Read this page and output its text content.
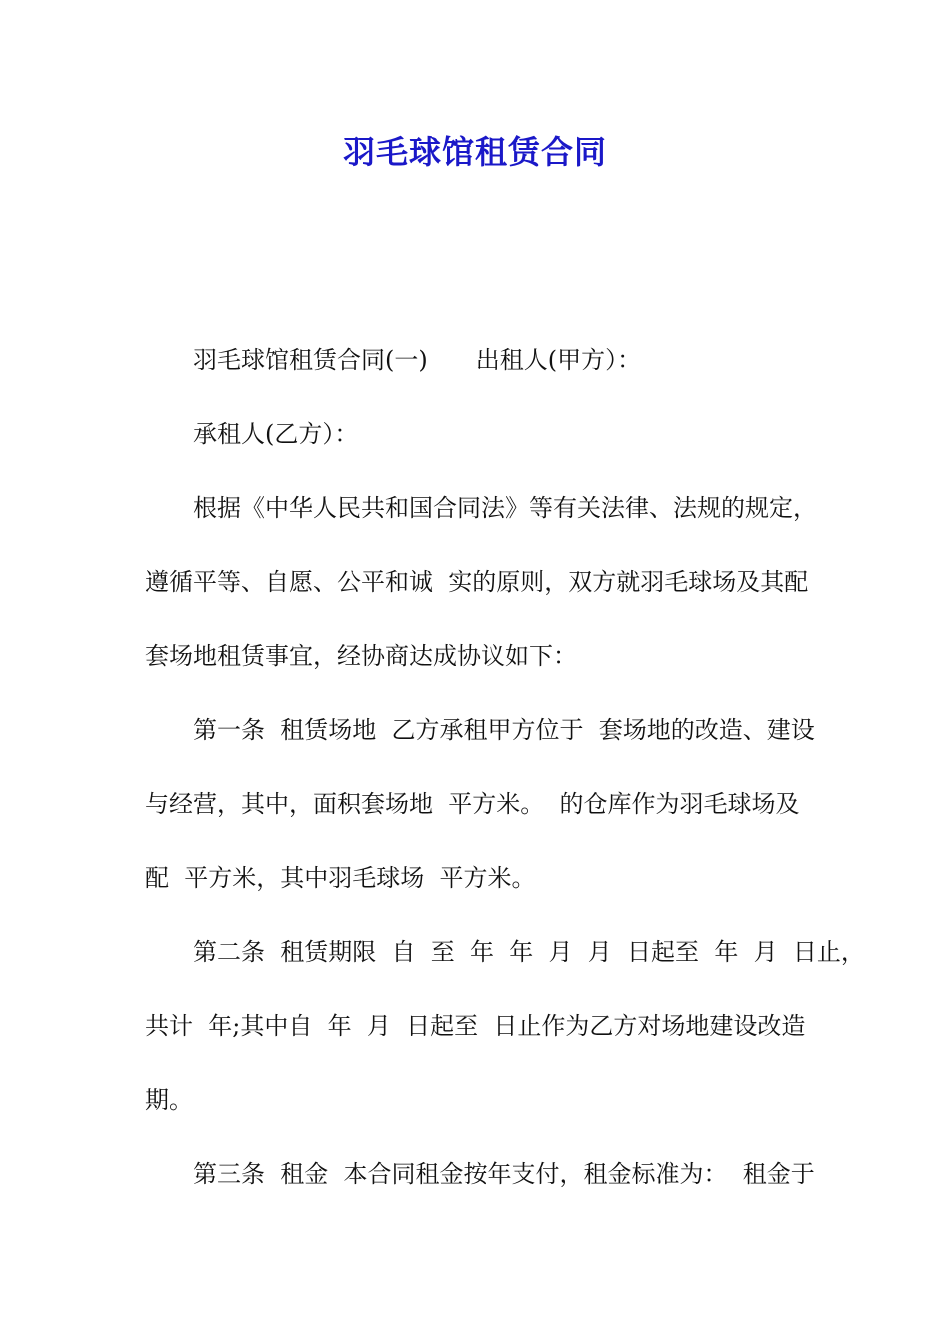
羽毛球馆租赁合同
羽毛球馆租赁合同(一)　　出租人(甲方）：
承租人(乙方）：
根据《中华人民共和国合同法》等有关法律、法规的规定，
遵循平等、自愿、公平和诚  实的原则，双方就羽毛球场及其配
套场地租赁事宜，经协商达成协议如下：
第一条  租赁场地  乙方承租甲方位于  套场地的改造、建设
与经营，其中，面积套场地  平方米。  的仓库作为羽毛球场及
配  平方米，其中羽毛球场  平方米。
第二条  租赁期限  自  至  年  年  月  月  日起至  年  月  日止，
共计  年;其中自  年  月  日起至  日止作为乙方对场地建设改造
期。
第三条  租金  本合同租金按年支付，租金标准为：  租金于
